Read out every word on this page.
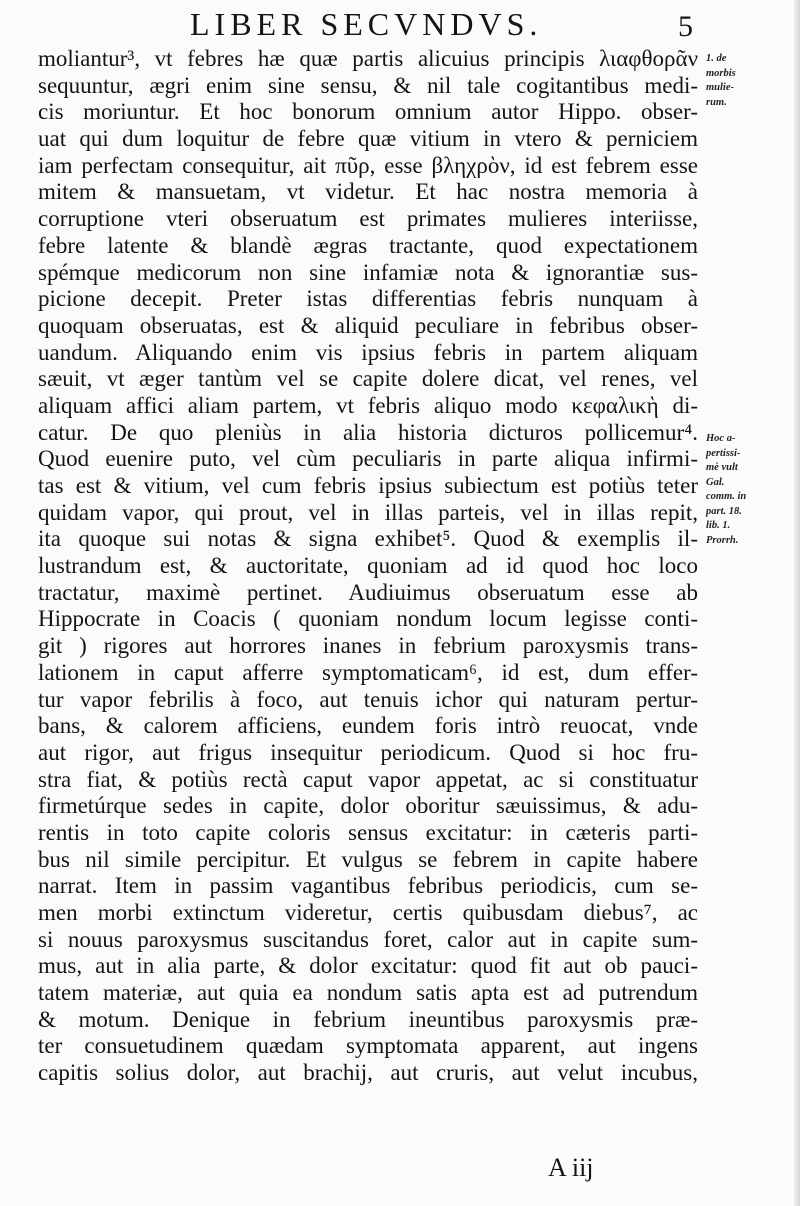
LIBER SECVNDVS.	5
moliantur³, vt febres hæ quæ partis alicuius principis λιαφθορᾶν
sequuntur, ægri enim sine sensu, & nil tale cogitantibus medi-
cis moriuntur. Et hoc bonorum omnium autor Hippo. obser-
uat qui dum loquitur de febre quæ vitium in vtero & perniciem
iam perfectam consequitur, ait πῦρ, esse βληχρὸν, id est febrem esse
mitem & mansuetam, vt videtur. Et hac nostra memoria à
corruptione vteri obseruatum est primates mulieres interiisse,
febre latente & blandè ægras tractante, quod expectationem
spémque medicorum non sine infamiæ nota & ignorantiæ sus-
picione decepit. Preter istas differentias febris nunquam à
quoquam obseruatas, est & aliquid peculiare in febribus obser-
uandum. Aliquando enim vis ipsius febris in partem aliquam
sæuit, vt æger tantùm vel se capite dolere dicat, vel renes, vel
aliquam affici aliam partem, vt febris aliquo modo κεφαλικὴ di-
catur. De quo pleniùs in alia historia dicturos pollicemur⁴.
Quod euenire puto, vel cùm peculiaris in parte aliqua infirmi-
tas est & vitium, vel cum febris ipsius subiectum est potiùs teter
quidam vapor, qui prout, vel in illas parteis, vel in illas repit,
ita quoque sui notas & signa exhibet⁵. Quod & exemplis il-
lustrandum est, & auctoritate, quoniam ad id quod hoc loco
tractatur, maximè pertinet. Audiuimus obseruatum esse ab
Hippocrate in Coacis ( quoniam nondum locum legisse conti-
git ) rigores aut horrores inanes in febrium paroxysmis trans-
lationem in caput afferre symptomaticam⁶, id est, dum effer-
tur vapor febrilis à foco, aut tenuis ichor qui naturam pertur-
bans, & calorem afficiens, eundem foris intrò reuocat, vnde
aut rigor, aut frigus insequitur periodicum. Quod si hoc fru-
stra fiat, & potiùs rectà caput vapor appetat, ac si constituatur
firmetúrque sedes in capite, dolor oboritur sæuissimus, & adu-
rentis in toto capite coloris sensus excitatur: in cæteris parti-
bus nil simile percipitur. Et vulgus se febrem in capite habere
narrat. Item in passim vagantibus febribus periodicis, cum se-
men morbi extinctum videretur, certis quibusdam diebus⁷, ac
si nouus paroxysmus suscitandus foret, calor aut in capite sum-
mus, aut in alia parte, & dolor excitatur: quod fit aut ob pauci-
tatem materiæ, aut quia ea nondum satis apta est ad putrendum
& motum. Denique in febrium ineuntibus paroxysmis præ-
ter consuetudinem quædam symptomata apparent, aut ingens
capitis solius dolor, aut brachij, aut cruris, aut velut incubus,
1. de
morbis
mulie-
rum.
Hoc a-
pertissi-
mè vult
Gal.
comm. in
part. 18.
lib. 1.
Prorrh.
A iij
